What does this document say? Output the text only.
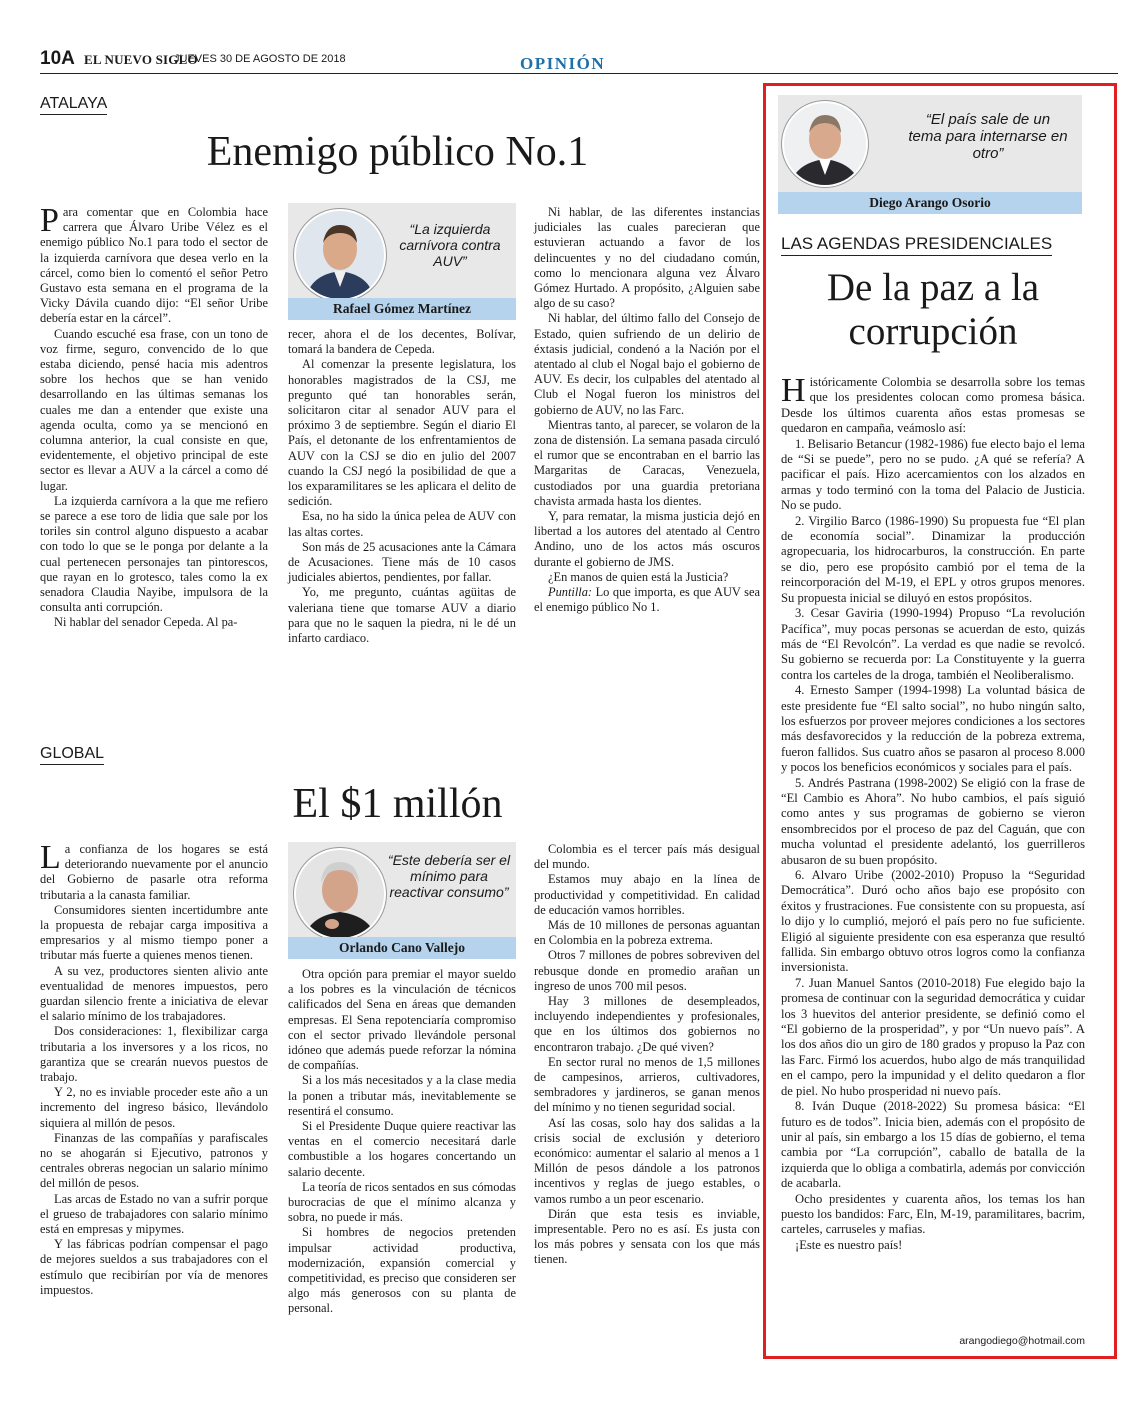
10A EL NUEVO SIGLO
JUEVES 30 DE AGOSTO DE 2018	OPINIÓN
ATALAYA
Enemigo público No.1

Para comentar que en Colombia hace carrera que Álvaro Uribe Vélez es el enemigo público No.1 para todo el sector de la izquierda carnívora que desea verlo en la cárcel, como bien lo comentó el señor Petro Gustavo esta semana en el programa de la Vicky Dávila cuando dijo: “El señor Uribe debería estar en la cárcel”.

Cuando escuché esa frase, con un tono de voz firme, seguro, convencido de lo que estaba diciendo, pensé hacia mis adentros sobre los hechos que se han venido desarrollando en las últimas semanas los cuales me dan a entender que existe una agenda oculta, como ya se mencionó en columna anterior, la cual consiste en que, evidentemente, el objetivo principal de este sector es llevar a AUV a la cárcel a como dé lugar.

La izquierda carnívora a la que me refiero se parece a ese toro de lidia que sale por los toriles sin control alguno dispuesto a acabar con todo lo que se le ponga por delante a la cual pertenecen personajes tan pintorescos, que rayan en lo grotesco, tales como la ex senadora Claudia Nayibe, impulsora de la consulta anti corrupción.

Ni hablar del senador Cepeda. Al pa-

“La izquierda carnívora contra AUV”
Rafael Gómez Martínez

recer, ahora el de los decentes, Bolívar, tomará la bandera de Cepeda.

Al comenzar la presente legislatura, los honorables magistrados de la CSJ, me pregunto qué tan honorables serán, solicitaron citar al senador AUV para el próximo 3 de septiembre. Según el diario El País, el detonante de los enfrentamientos de AUV con la CSJ se dio en julio del 2007 cuando la CSJ negó la posibilidad de que a los exparamilitares se les aplicara el delito de sedición.

Esa, no ha sido la única pelea de AUV con las altas cortes.

Son más de 25 acusaciones ante la Cámara de Acusaciones. Tiene más de 10 casos judiciales abiertos, pendientes, por fallar.

Yo, me pregunto, cuántas agüitas de valeriana tiene que tomarse AUV a diario para que no le saquen la piedra, ni le dé un infarto cardiaco.

Ni hablar, de las diferentes instancias judiciales las cuales parecieran que estuvieran actuando a favor de los delincuentes y no del ciudadano común, como lo mencionara alguna vez Álvaro Gómez Hurtado. A propósito, ¿Alguien sabe algo de su caso?

Ni hablar, del último fallo del Consejo de Estado, quien sufriendo de un delirio de éxtasis judicial, condenó a la Nación por el atentado al club el Nogal bajo el gobierno de AUV. Es decir, los culpables del atentado al Club el Nogal fueron los ministros del gobierno de AUV, no las Farc.

Mientras tanto, al parecer, se volaron de la zona de distensión. La semana pasada circuló el rumor que se encontraban en el barrio las Margaritas de Caracas, Venezuela, custodiados por una guardia pretoriana chavista armada hasta los dientes.

Y, para rematar, la misma justicia dejó en libertad a los autores del atentado al Centro Andino, uno de los actos más oscuros durante el gobierno de JMS.

¿En manos de quien está la Justicia?

Puntilla: Lo que importa, es que AUV sea el enemigo público No 1.

GLOBAL
El $1 millón

La confianza de los hogares se está deteriorando nuevamente por el anuncio del Gobierno de pasarle otra reforma tributaria a la canasta familiar.

Consumidores sienten incertidumbre ante la propuesta de rebajar carga impositiva a empresarios y al mismo tiempo poner a tributar más fuerte a quienes menos tienen.

A su vez, productores sienten alivio ante eventualidad de menores impuestos, pero guardan silencio frente a iniciativa de elevar el salario mínimo de los trabajadores.

Dos consideraciones: 1, flexibilizar carga tributaria a los inversores y a los ricos, no garantiza que se crearán nuevos puestos de trabajo.

Y 2, no es inviable proceder este año a un incremento del ingreso básico, llevándolo siquiera al millón de pesos.

Finanzas de las compañías y parafiscales no se ahogarán si Ejecutivo, patronos y centrales obreras negocian un salario mínimo del millón de pesos.

Las arcas de Estado no van a sufrir porque el grueso de trabajadores con salario mínimo está en empresas y mipymes.

Y las fábricas podrían compensar el pago de mejores sueldos a sus trabajadores con el estímulo que recibirían por vía de menores impuestos.

“Este debería ser el mínimo para reactivar consumo”
Orlando Cano Vallejo

Otra opción para premiar el mayor sueldo a los pobres es la vinculación de técnicos calificados del Sena en áreas que demanden empresas. El Sena repotenciaría compromiso con el sector privado llevándole personal idóneo que además puede reforzar la nómina de compañías.

Si a los más necesitados y a la clase media la ponen a tributar más, inevitablemente se resentirá el consumo.

Si el Presidente Duque quiere reactivar las ventas en el comercio necesitará darle combustible a los hogares concertando un salario decente.

La teoría de ricos sentados en sus cómodas burocracias de que el mínimo alcanza y sobra, no puede ir más.

Si hombres de negocios pretenden impulsar actividad productiva, modernización, expansión comercial y competitividad, es preciso que consideren ser algo más generosos con su planta de personal.

Colombia es el tercer país más desigual del mundo.

Estamos muy abajo en la línea de productividad y competitividad. En calidad de educación vamos horribles.

Más de 10 millones de personas aguantan en Colombia en la pobreza extrema.

Otros 7 millones de pobres sobreviven del rebusque donde en promedio arañan un ingreso de unos 700 mil pesos.

Hay 3 millones de desempleados, incluyendo independientes y profesionales, que en los últimos dos gobiernos no encontraron trabajo. ¿De qué viven?

En sector rural no menos de 1,5 millones de campesinos, arrieros, cultivadores, sembradores y jardineros, se ganan menos del mínimo y no tienen seguridad social.

Así las cosas, solo hay dos salidas a la crisis social de exclusión y deterioro económico: aumentar el salario al menos a 1 Millón de pesos dándole a los patronos incentivos y reglas de juego estables, o vamos rumbo a un peor escenario.

Dirán que esta tesis es inviable, impresentable. Pero no es así. Es justa con los más pobres y sensata con los que más tienen.

“El país sale de un tema para internarse en otro”
Diego Arango Osorio
LAS AGENDAS PRESIDENCIALES
De la paz a la
corrupción

Históricamente Colombia se desarrolla sobre los temas que los presidentes colocan como promesa básica. Desde los últimos cuarenta años estas promesas se quedaron en campaña, veámoslo así:

1. Belisario Betancur (1982-1986) fue electo bajo el lema de “Si se puede”, pero no se pudo. ¿A qué se refería? A pacificar el país. Hizo acercamientos con los alzados en armas y todo terminó con la toma del Palacio de Justicia. No se pudo.

2. Virgilio Barco (1986-1990) Su propuesta fue “El plan de economía social”. Dinamizar la producción agropecuaria, los hidrocarburos, la construcción. En parte se dio, pero ese propósito cambió por el tema de la reincorporación del M-19, el EPL y otros grupos menores. Su propuesta inicial se diluyó en estos propósitos.

3. Cesar Gaviria (1990-1994) Propuso “La revolución Pacífica”, muy pocas personas se acuerdan de esto, quizás más de “El Revolcón”. La verdad es que nadie se revolcó. Su gobierno se recuerda por: La Constituyente y la guerra contra los carteles de la droga, también el Neoliberalismo.

4. Ernesto Samper (1994-1998) La voluntad básica de este presidente fue “El salto social”, no hubo ningún salto, los esfuerzos por proveer mejores condiciones a los sectores más desfavorecidos y la reducción de la pobreza extrema, fueron fallidos. Sus cuatro años se pasaron al proceso 8.000 y pocos los beneficios económicos y sociales para el país.

5. Andrés Pastrana (1998-2002) Se eligió con la frase de “El Cambio es Ahora”. No hubo cambios, el país siguió como antes y sus programas de gobierno se vieron ensombrecidos por el proceso de paz del Caguán, que con mucha voluntad el presidente adelantó, los guerrilleros abusaron de su buen propósito.

6. Alvaro Uribe (2002-2010) Propuso la “Seguridad Democrática”. Duró ocho años bajo ese propósito con éxitos y frustraciones. Fue consistente con su propuesta, así lo dijo y lo cumplió, mejoró el país pero no fue suficiente. Eligió al siguiente presidente con esa esperanza que resultó fallida. Sin embargo obtuvo otros logros como la confianza inversionista.

7. Juan Manuel Santos (2010-2018) Fue elegido bajo la promesa de continuar con la seguridad democrática y cuidar los 3 huevitos del anterior presidente, se definió como el “El gobierno de la prosperidad”, y por “Un nuevo país”. A los dos años dio un giro de 180 grados y propuso la Paz con las Farc. Firmó los acuerdos, hubo algo de más tranquilidad en el campo, pero la impunidad y el delito quedaron a flor de piel. No hubo prosperidad ni nuevo país.

8. Iván Duque (2018-2022) Su promesa básica: “El futuro es de todos”. Inicia bien, además con el propósito de unir al país, sin embargo a los 15 días de gobierno, el tema cambia por “La corrupción”, caballo de batalla de la izquierda que lo obliga a combatirla, además por convicción de acabarla.

Ocho presidentes y cuarenta años, los temas los han puesto los bandidos: Farc, Eln, M-19, paramilitares, bacrim, carteles, carruseles y mafias.

¡Este es nuestro país!

arangodiego@hotmail.com
